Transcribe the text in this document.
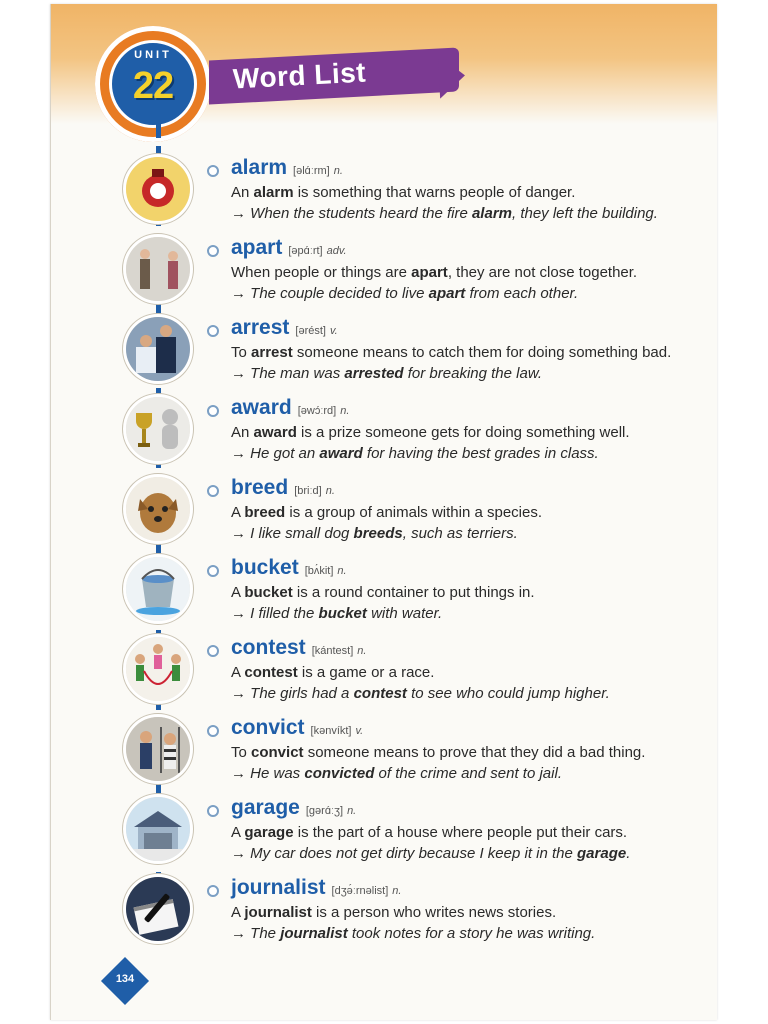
UNIT
22	Word List
alarm [əlɑ́ːrm] n.
An alarm is something that warns people of danger.
→ When the students heard the fire alarm, they left the building.
apart [əpɑ́ːrt] adv.
When people or things are apart, they are not close together.
→ The couple decided to live apart from each other.
arrest [ərést] v.
To arrest someone means to catch them for doing something bad.
→ The man was arrested for breaking the law.
award [əwɔ́ːrd] n.
An award is a prize someone gets for doing something well.
→ He got an award for having the best grades in class.
breed [briːd] n.
A breed is a group of animals within a species.
→ I like small dog breeds, such as terriers.
bucket [bʌ́kit] n.
A bucket is a round container to put things in.
→ I filled the bucket with water.
contest [kántest] n.
A contest is a game or a race.
→ The girls had a contest to see who could jump higher.
convict [kənvíkt] v.
To convict someone means to prove that they did a bad thing.
→ He was convicted of the crime and sent to jail.
garage [gərɑ́ːʒ] n.
A garage is the part of a house where people put their cars.
→ My car does not get dirty because I keep it in the garage.
journalist [dʒə́ːrnəlist] n.
A journalist is a person who writes news stories.
→ The journalist took notes for a story he was writing.
134
